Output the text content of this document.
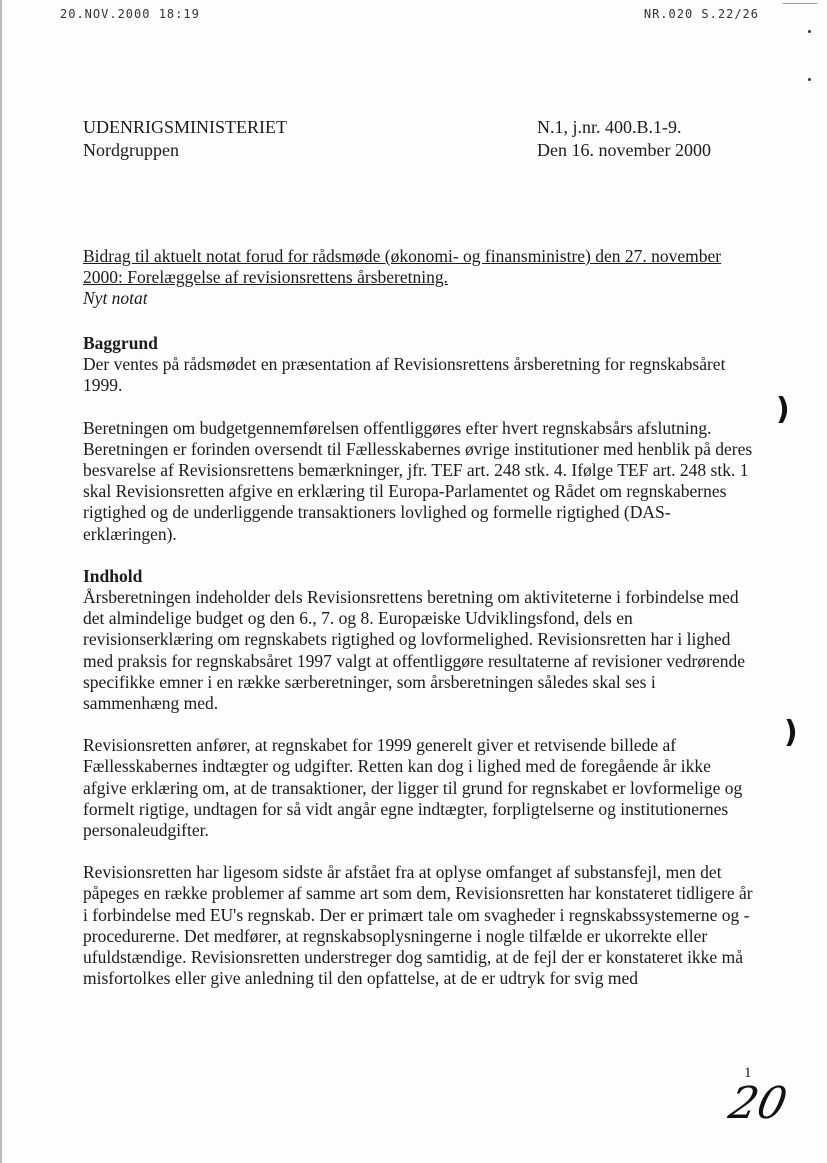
20.NOV.2000 18:19	NR.020 S.22/26
UDENRIGSMINISTERIET
Nordgruppen
N.1, j.nr. 400.B.1-9.
Den 16. november 2000
Bidrag til aktuelt notat forud for rådsmøde (økonomi- og finansministre) den 27. november 2000: Forelæggelse af revisionsrettens årsberetning.
Nyt notat
Baggrund

Der ventes på rådsmødet en præsentation af Revisionsrettens årsberetning for regnskabsåret 1999.

Beretningen om budgetgennemførelsen offentliggøres efter hvert regnskabsårs afslutning. Beretningen er forinden oversendt til Fællesskabernes øvrige institutioner med henblik på deres besvarelse af Revisionsrettens bemærkninger, jfr. TEF art. 248 stk. 4. Ifølge TEF art. 248 stk. 1 skal Revisionsretten afgive en erklæring til Europa-Parlamentet og Rådet om regnskabernes rigtighed og de underliggende transaktioners lovlighed og formelle rigtighed (DAS-erklæringen).

Indhold

Årsberetningen indeholder dels Revisionsrettens beretning om aktiviteterne i forbindelse med det almindelige budget og den 6., 7. og 8. Europæiske Udviklingsfond, dels en revisionserklæring om regnskabets rigtighed og lovformelighed. Revisionsretten har i lighed med praksis for regnskabsåret 1997 valgt at offentliggøre resultaterne af revisioner vedrørende specifikke emner i en række særberetninger, som årsberetningen således skal ses i sammenhæng med.

Revisionsretten anfører, at regnskabet for 1999 generelt giver et retvisende billede af Fællesskabernes indtægter og udgifter. Retten kan dog i lighed med de foregående år ikke afgive erklæring om, at de transaktioner, der ligger til grund for regnskabet er lovformelige og formelt rigtige, undtagen for så vidt angår egne indtægter, forpligtelserne og institutionernes personaleudgifter.

Revisionsretten har ligesom sidste år afstået fra at oplyse omfanget af substansfejl, men det påpeges en række problemer af samme art som dem, Revisionsretten har konstateret tidligere år i forbindelse med EU's regnskab. Der er primært tale om svagheder i regnskabssystemerne og -procedurerne. Det medfører, at regnskabsoplysningerne i nogle tilfælde er ukorrekte eller ufuldstændige. Revisionsretten understreger dog samtidig, at de fejl der er konstateret ikke må misfortolkes eller give anledning til den opfattelse, at de er udtryk for svig med

)
)
1
20
